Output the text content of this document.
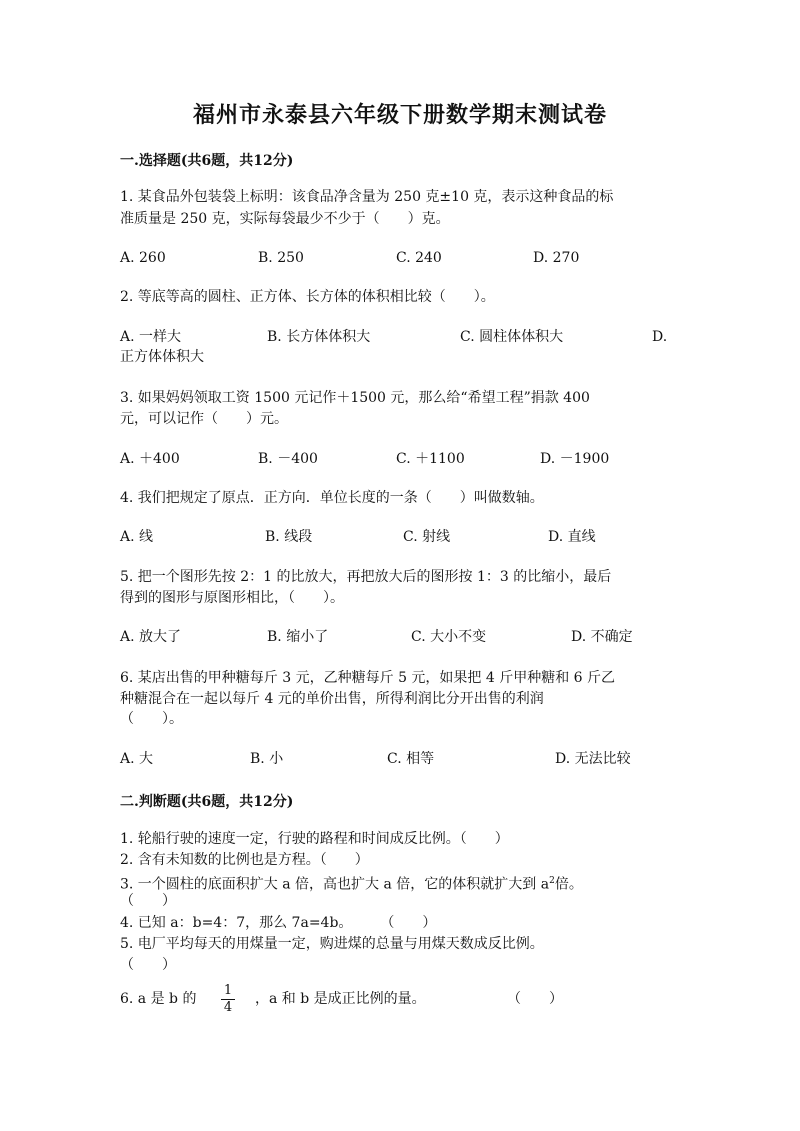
福州市永泰县六年级下册数学期末测试卷
一.选择题(共6题，共12分)
1. 某食品外包装袋上标明：该食品净含量为 250 克±10 克，表示这种食品的标
准质量是 250 克，实际每袋最少不少于（　　）克。
A. 260	B. 250	C. 240	D. 270
2. 等底等高的圆柱、正方体、长方体的体积相比较（　　）。
A. 一样大	B. 长方体体积大	C. 圆柱体体积大	D.
正方体体积大
3. 如果妈妈领取工资 1500 元记作＋1500 元，那么给“希望工程”捐款 400
元，可以记作（　　）元。
A. ＋400	B. －400	C. ＋1100	D. －1900
4. 我们把规定了原点．正方向．单位长度的一条（　　）叫做数轴。
A. 线	B. 线段	C. 射线	D. 直线
5. 把一个图形先按 2：1 的比放大，再把放大后的图形按 1：3 的比缩小，最后
得到的图形与原图形相比，（　　）。
A. 放大了	B. 缩小了	C. 大小不变	D. 不确定
6. 某店出售的甲种糖每斤 3 元，乙种糖每斤 5 元，如果把 4 斤甲种糖和 6 斤乙
种糖混合在一起以每斤 4 元的单价出售，所得利润比分开出售的利润
（　　）。
A. 大	B. 小	C. 相等	D. 无法比较
二.判断题(共6题，共12分)
1. 轮船行驶的速度一定，行驶的路程和时间成反比例。（　　）
2. 含有未知数的比例也是方程。（　　）
3. 一个圆柱的底面积扩大 a 倍，高也扩大 a 倍，它的体积就扩大到 $a^2$倍。
（　　）
4. 已知 a：b=4：7，那么 7a=4b。　　　（　　）
5. 电厂平均每天的用煤量一定，购进煤的总量与用煤天数成反比例。
（　　）
6. a 是 b 的
1
4
，a 和 b 是成正比例的量。	（　　）
